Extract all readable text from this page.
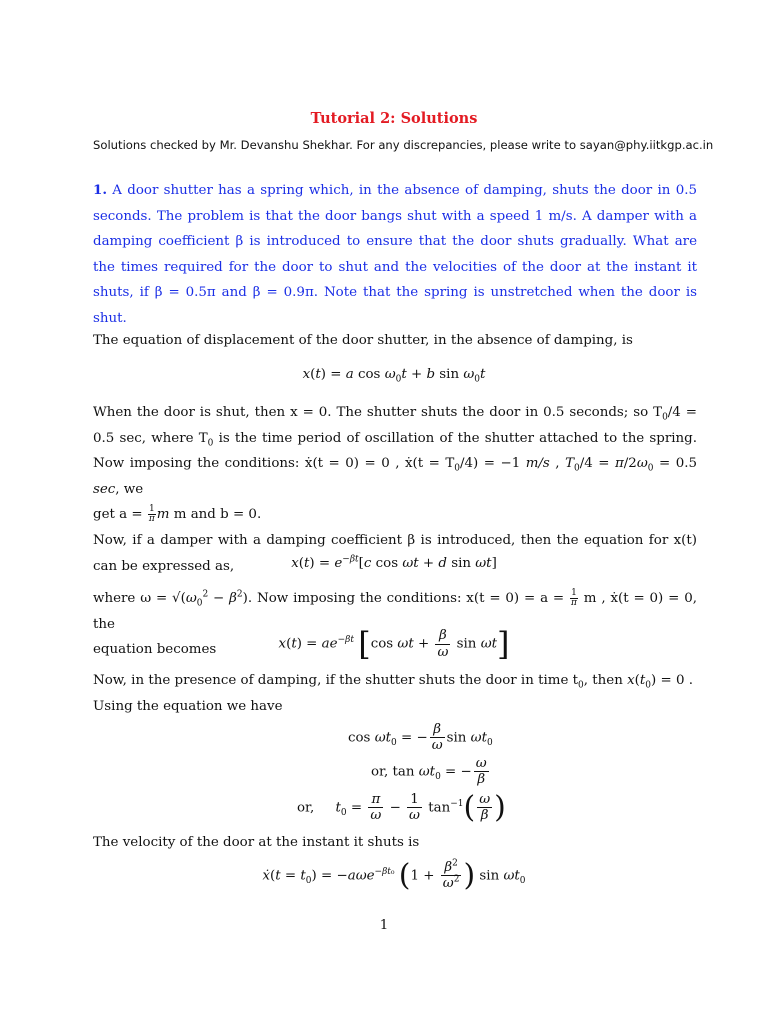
Tutorial 2: Solutions
Solutions checked by Mr. Devanshu Shekhar. For any discrepancies, please write to sayan@phy.iitkgp.ac.in
1. A door shutter has a spring which, in the absence of damping, shuts the door in 0.5 seconds. The problem is that the door bangs shut with a speed 1 m/s. A damper with a damping coefficient β is introduced to ensure that the door shuts gradually. What are the times required for the door to shut and the velocities of the door at the instant it shuts, if β = 0.5π and β = 0.9π. Note that the spring is unstretched when the door is shut.
The equation of displacement of the door shutter, in the absence of damping, is
x(t) = a $\cos \omega_0t + b$ $\sin \omega_0t$
When the door is shut, then x = 0. The shutter shuts the door in 0.5 seconds; so $T_0/4 = 0.5$ sec, where $T_0$ is the time period of oscillation of the shutter attached to the spring. Now imposing the conditions: ẋ(t = 0) = 0 , ẋ(t = $T_0/4) = -1$ m/s , $T_0/4 = \pi/2\omega_0 = 0.5$ sec, we
get $a = \frac{1}{\pi}$ m m and b = 0.
Now, if a damper with a damping coefficient β is introduced, then the equation for x(t) can be expressed as,	$x(t) = e^{-\beta t}[c$ cos ωt + d sin ωt]
where $\omega = √(\omega_0^2 - \beta^2)$. Now imposing the conditions: $x(t = 0) = a = \frac{1}{\pi}$ m , ẋ(t = 0) = 0, the
equation becomes	$x(t) = ae^{-\beta t}$ [cos $\omega t + \frac{\beta}{\omega}$ sin ωt]
Now, in the presence of damping, if the shutter shuts the door in time $t_0$, then $x(t_0) = 0$ .
Using the equation we have
$\cos \omega t_0$ = − $\frac{\beta}{\omega}$ $\sin \omega t_0$
or, $\tan \omega t_0$ = − $\frac{\omega}{\beta}$
or,     $t_0 = \frac{\pi}{\omega} - \frac{1}{\omega} \tan^{-1}( \frac{\omega}{\beta}$ )
The velocity of the door at the instant it shuts is
ẋ(t = $t_0) = -a\omega e^{-\beta t_0}$ ($1 + \frac{\beta^2}{\omega^2}$ ) $\sin \omega t_0$
1
